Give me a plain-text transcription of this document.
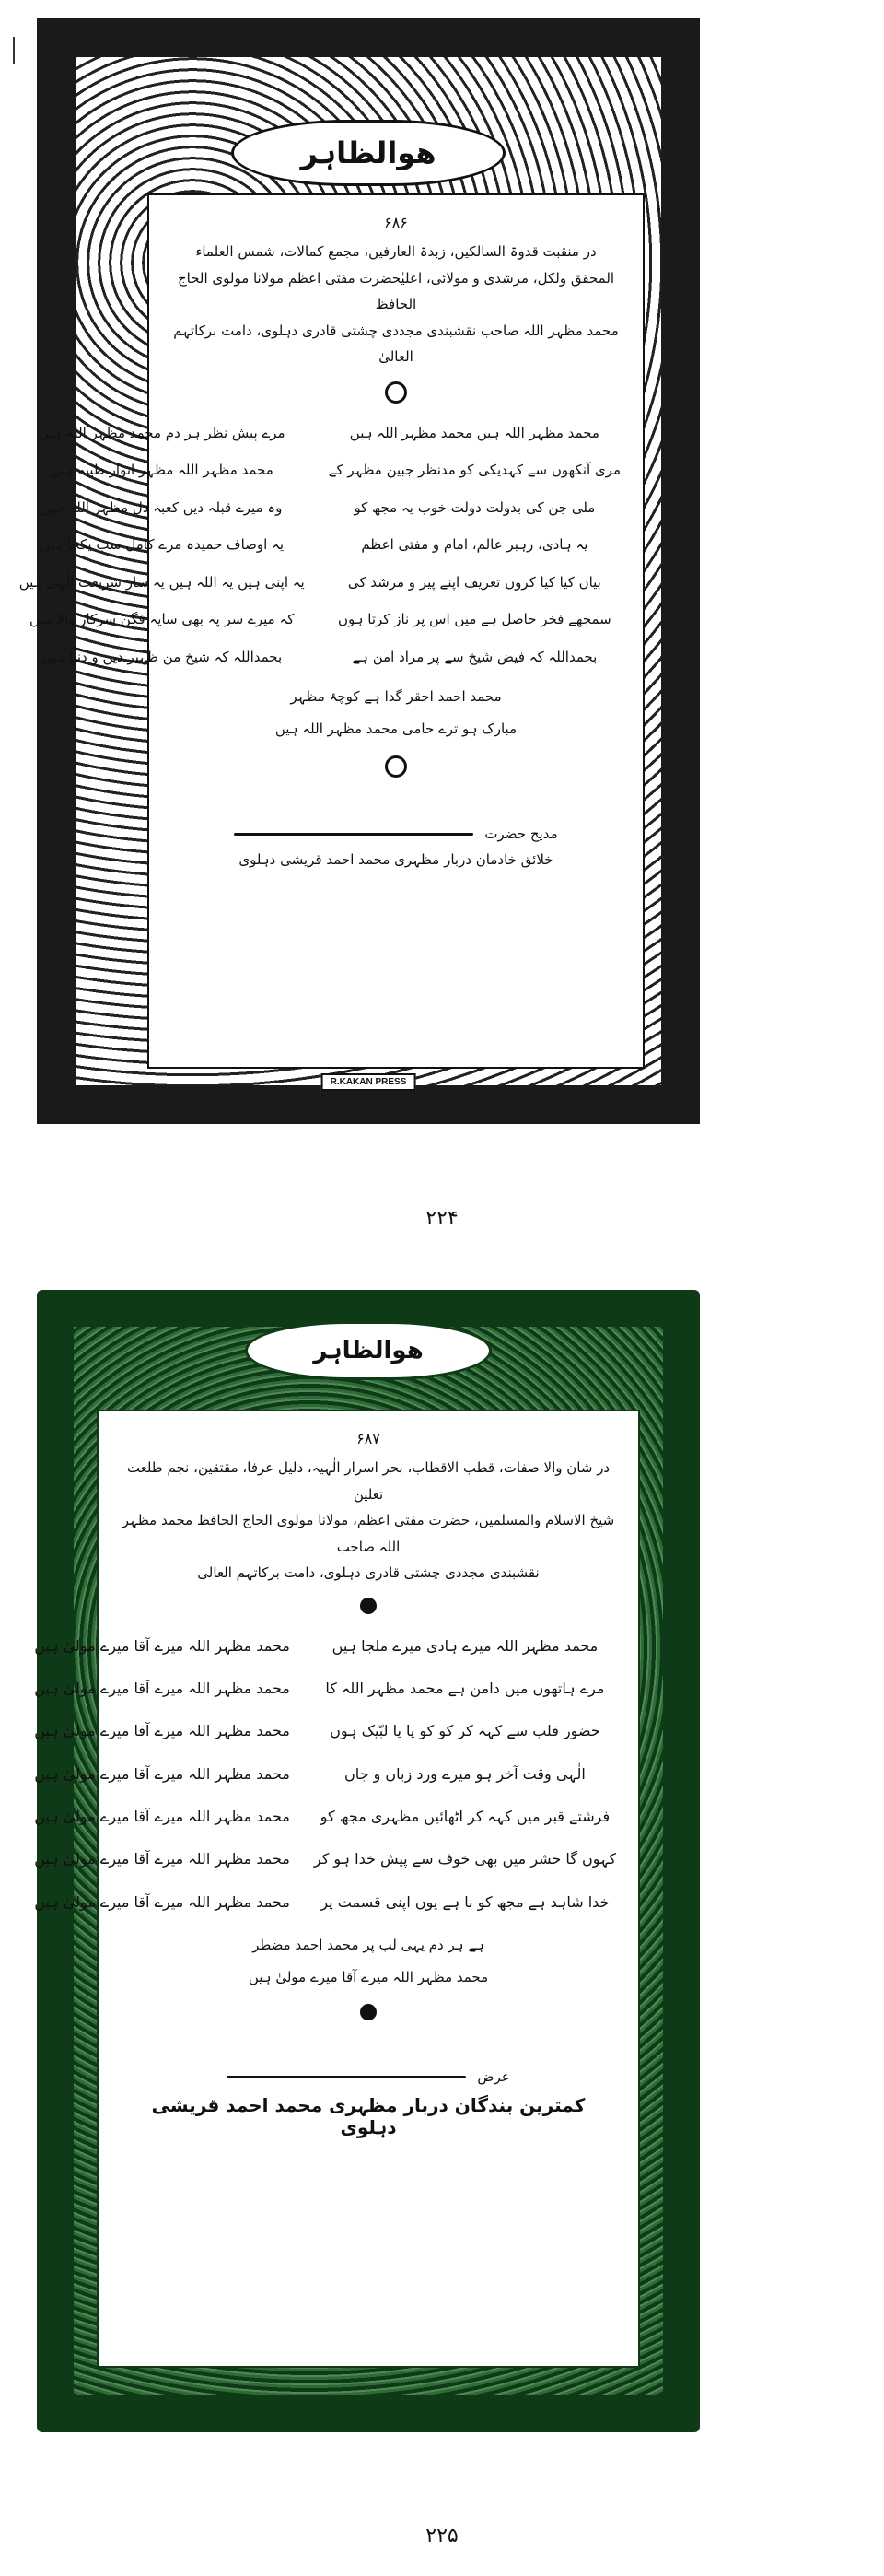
هوالظاہر
۶۸۶
در منقبت قدوۃ السالکین، زبدۃ العارفین، مجمع کمالات، شمس العلماء
المحقق ولکل، مرشدی و مولائی، اعلیٰحضرت مفتی اعظم مولانا مولوی الحاج الحافظ
محمد مظہر اللہ صاحب نقشبندی مجددی چشتی قادری دہلوی، دامت برکاتہم العالیٰ
محمد مظہر اللہ ہیں محمد مظہر اللہ ہیں
مرے پیش نظر ہر دم محمد مظہر اللہ ہیں
مری آنکھوں سے کہدیکی کو مدنظر جبین مظہر کے
محمد مظہر اللہ مظہر انوار طیبہ ہیں
ملی جن کی بدولت دولت خوب یہ مجھ کو
وہ میرے قبلہ دیں کعبہ دل مظہر اللہ ہیں
یہ ہادی، رہبر عالم، امام و مفتی اعظم
یہ اوصاف حمیدہ مرے کامل سب یکجا ہیں
بیاں کیا کیا کروں تعریف اپنے پیر و مرشد کی
یہ اپنی ہیں یہ اللہ ہیں یہ سار شریعت الٰہی ہیں
سمجھے فخر حاصل ہے میں اس پر ناز کرتا ہوں
کہ میرے سر پہ بھی سایہ فگن سرکار والا ہیں
بحمداللہ کہ فیض شیخ سے پر مراد امن ہے
بحمداللہ کہ شیخ من ظہیر دین و دنیا ہیں
محمد احمد احقر گدا ہے کوچۂ مظہر
مبارک ہو ترے حامی محمد مظہر اللہ ہیں
مدیح حضرت
خلائق خادمان دربار مظہری محمد احمد قریشی دہلوی
R.KAKAN PRESS
۲۲۴
هوالظاہر
۶۸۷
در شان والا صفات، قطب الاقطاب، بحر اسرار الٰہیہ، دلیل عرفا، مقتقین، نجم طلعت تعلین
شیخ الاسلام والمسلمین، حضرت مفتی اعظم، مولانا مولوی الحاج الحافظ محمد مظہر اللہ صاحب
نقشبندی مجددی چشتی قادری دہلوی، دامت برکاتہم العالی
محمد مظہر اللہ میرے ہادی میرے ملجا ہیں
محمد مظہر اللہ میرے آقا میرے مولیٰ ہیں
مرے ہاتھوں میں دامن ہے محمد مظہر اللہ کا
محمد مظہر اللہ میرے آقا میرے مولیٰ ہیں
حضور قلب سے کہہ کر کو کو پا پا لبّیک ہوں
محمد مظہر اللہ میرے آقا میرے مولیٰ ہیں
الٰہی وقت آخر ہو میرے ورد زبان و جاں
محمد مظہر اللہ میرے آقا میرے مولیٰ ہیں
فرشتے قبر میں کہہ کر اٹھائیں مظہری مجھ کو
محمد مظہر اللہ میرے آقا میرے مولیٰ ہیں
کہوں گا حشر میں بھی خوف سے پیش خدا ہو کر
محمد مظہر اللہ میرے آقا میرے مولیٰ ہیں
خدا شاہد ہے مجھ کو نا ہے یوں اپنی قسمت پر
محمد مظہر اللہ میرے آقا میرے مولیٰ ہیں
ہے ہر دم یہی لب پر محمد احمد مضطر
محمد مظہر اللہ میرے آقا میرے مولیٰ ہیں
عرض
کمترین بندگان دربار مظہری محمد احمد قریشی دہلوی
۲۲۵
